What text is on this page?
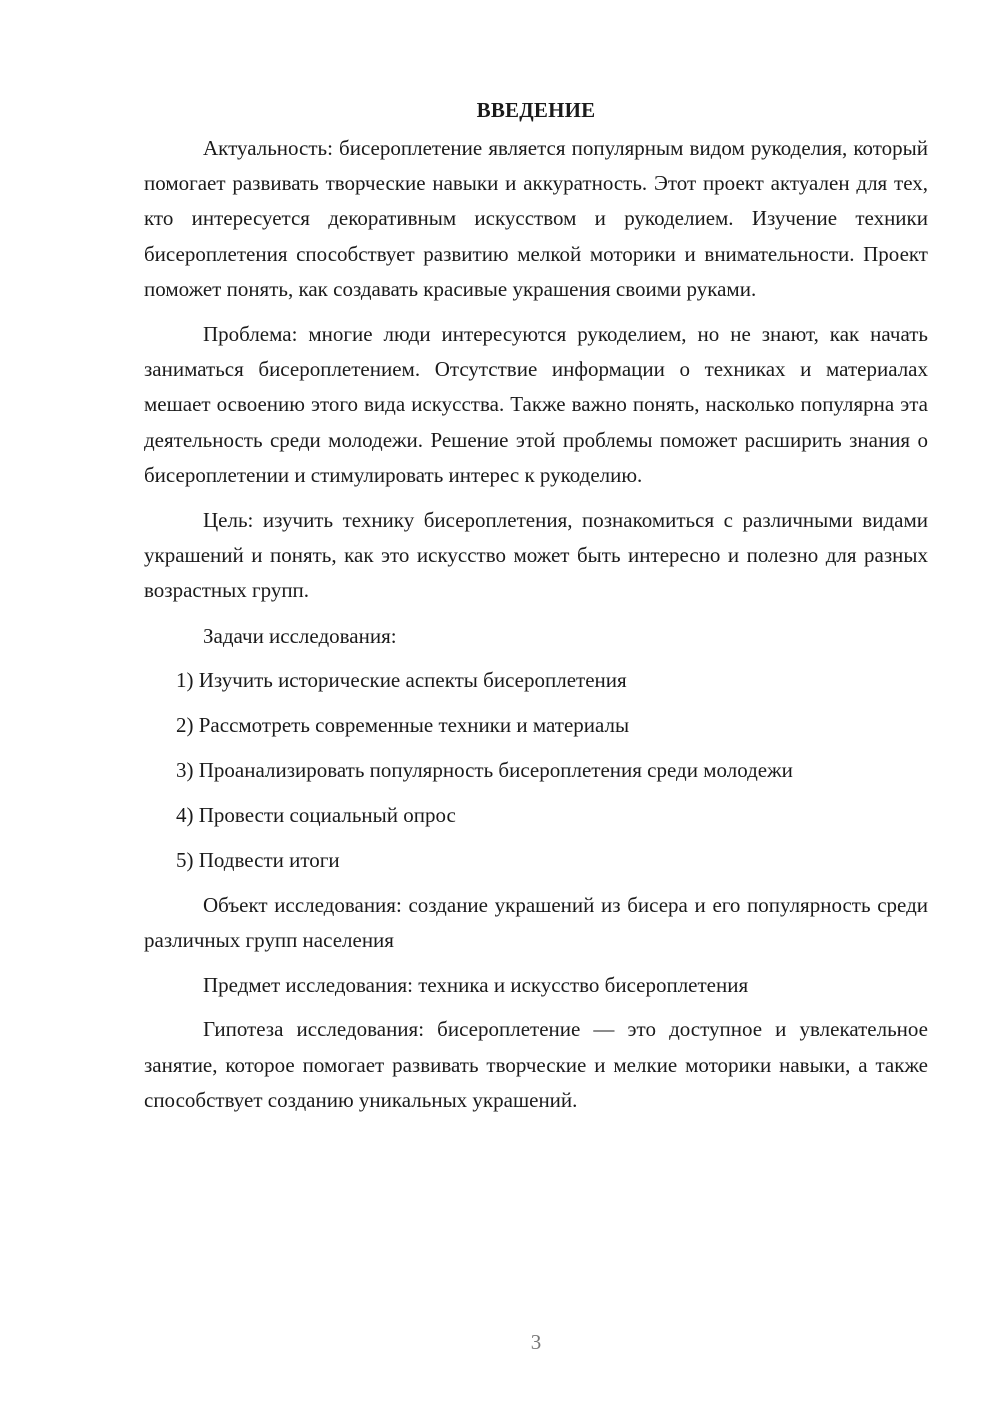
ВВЕДЕНИЕ

Актуальность: бисероплетение является популярным видом рукоделия, который помогает развивать творческие навыки и аккуратность. Этот проект актуален для тех, кто интересуется декоративным искусством и рукоделием. Изучение техники бисероплетения способствует развитию мелкой моторики и внимательности. Проект поможет понять, как создавать красивые украшения своими руками.

Проблема: многие люди интересуются рукоделием, но не знают, как начать заниматься бисероплетением. Отсутствие информации о техниках и материалах мешает освоению этого вида искусства. Также важно понять, насколько популярна эта деятельность среди молодежи. Решение этой проблемы поможет расширить знания о бисероплетении и стимулировать интерес к рукоделию.

Цель: изучить технику бисероплетения, познакомиться с различными видами украшений и понять, как это искусство может быть интересно и полезно для разных возрастных групп.

Задачи исследования:

1) Изучить исторические аспекты бисероплетения
2) Рассмотреть современные техники и материалы
3) Проанализировать популярность бисероплетения среди молодежи
4) Провести социальный опрос
5) Подвести итоги

Объект исследования: создание украшений из бисера и его популярность среди различных групп населения

Предмет исследования: техника и искусство бисероплетения

Гипотеза исследования: бисероплетение — это доступное и увлекательное занятие, которое помогает развивать творческие и мелкие моторики навыки, а также способствует созданию уникальных украшений.

3
